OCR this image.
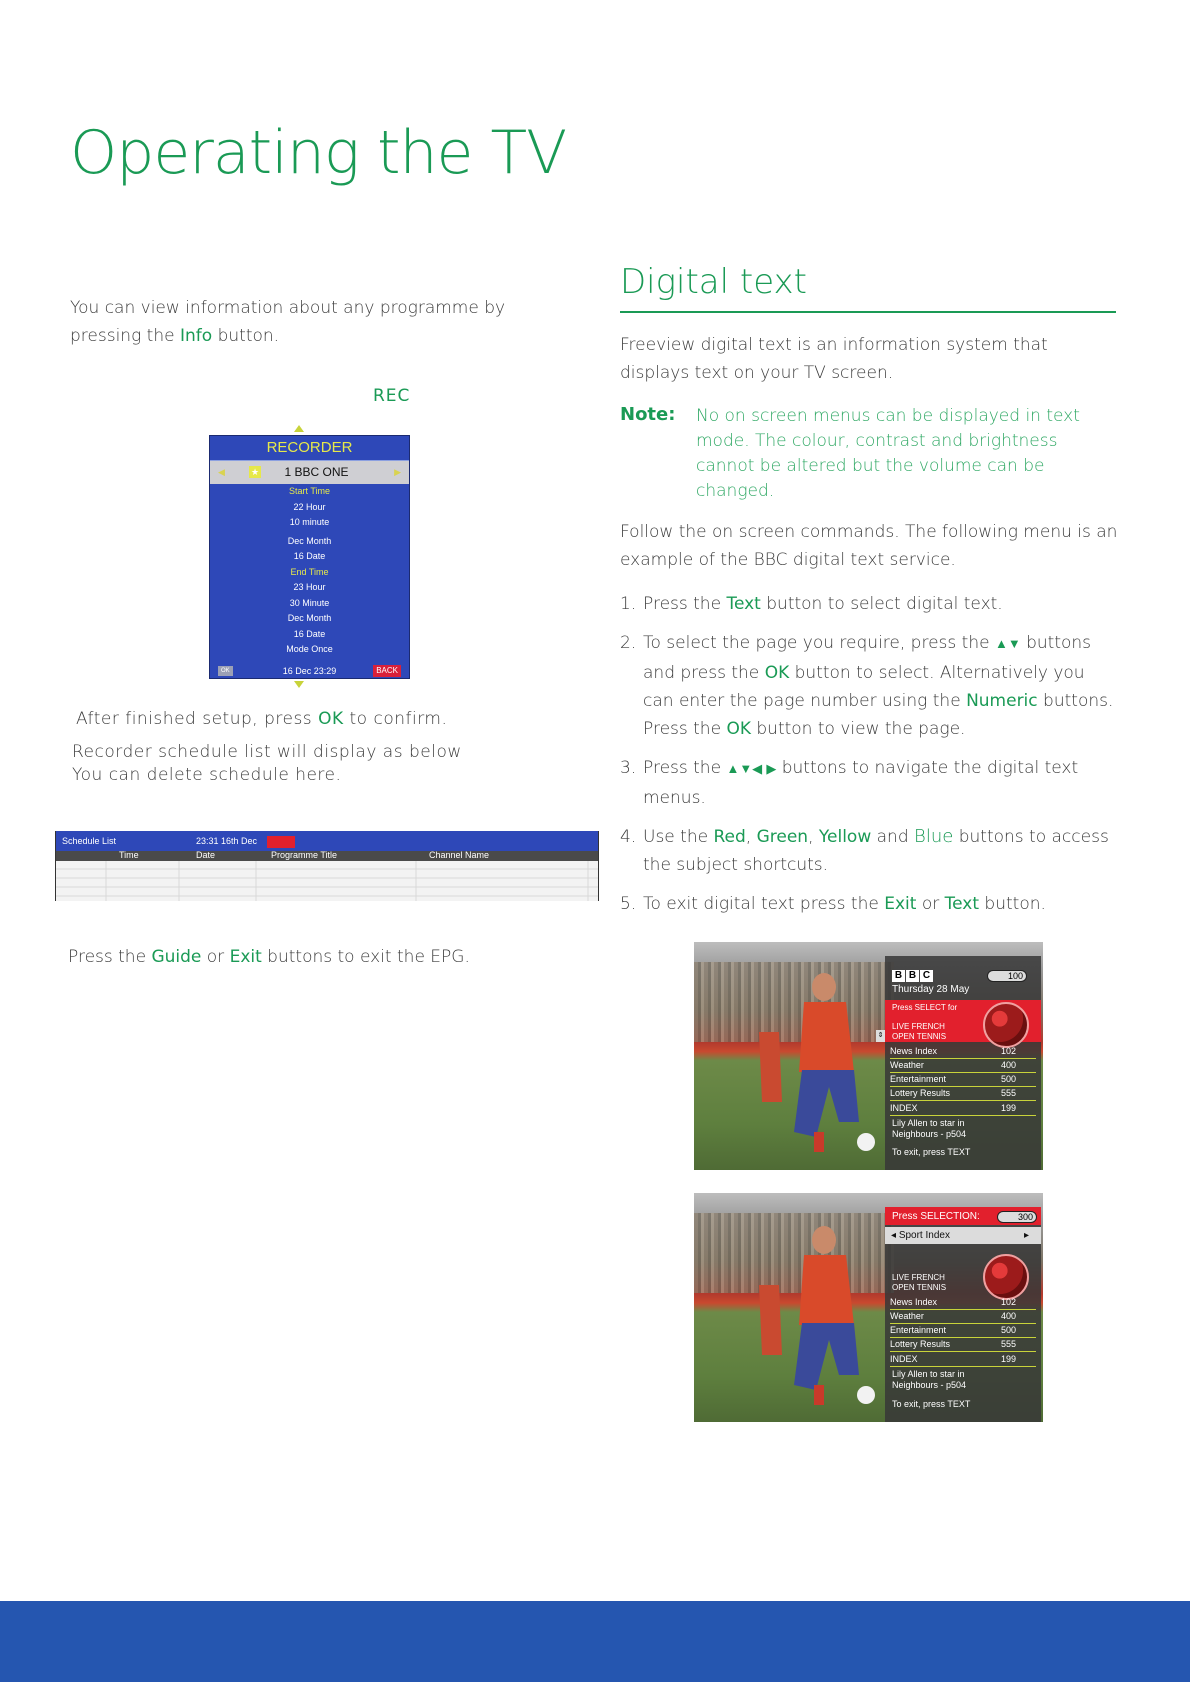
Operating the TV
You can view information about any programme by pressing the Info button.
REC
RECORDER
◀	★ 1 BBC ONE	▶
Start Time
22 Hour
10 minute
Dec Month
16 Date
End Time
23 Hour
30 Minute
Dec Month
16 Date
Mode Once
OK	16 Dec 23:29	BACK
After finished setup, press OK to confirm.
Recorder schedule list will display as below
You can delete schedule here.
Schedule List	23:31 16th Dec
Time	Date	Programme Title	Channel Name
Press the Guide or Exit buttons to exit the EPG.
Digital text
Freeview digital text is an information system that displays text on your TV screen.
Note: No on screen menus can be displayed in text mode. The colour, contrast and brightness cannot be altered but the volume can be changed.
Follow the on screen commands. The following menu is an example of the BBC digital text service.
1. Press the Text button to select digital text.
2. To select the page you require, press the ▲▼ buttons and press the OK button to select. Alternatively you can enter the page number using the Numeric buttons. Press the OK button to view the page.
3. Press the ▲▼◀ ▶ buttons to navigate the digital text menus.
4. Use the Red, Green, Yellow and Blue buttons to access the subject shortcuts.
5. To exit digital text press the Exit or Text button.
B B C	100
Thursday 28 May
Press SELECT for
LIVE FRENCH
OPEN TENNIS
⇕
News Index	102
Weather	400
Entertainment	500
Lottery Results	555
INDEX	199
Lily Allen to star in
Neighbours - p504
To exit, press TEXT
Press SELECTION:	300
◂ Sport Index	▸
LIVE FRENCH
OPEN TENNIS
News Index	102
Weather	400
Entertainment	500
Lottery Results	555
INDEX	199
Lily Allen to star in
Neighbours - p504
To exit, press TEXT
